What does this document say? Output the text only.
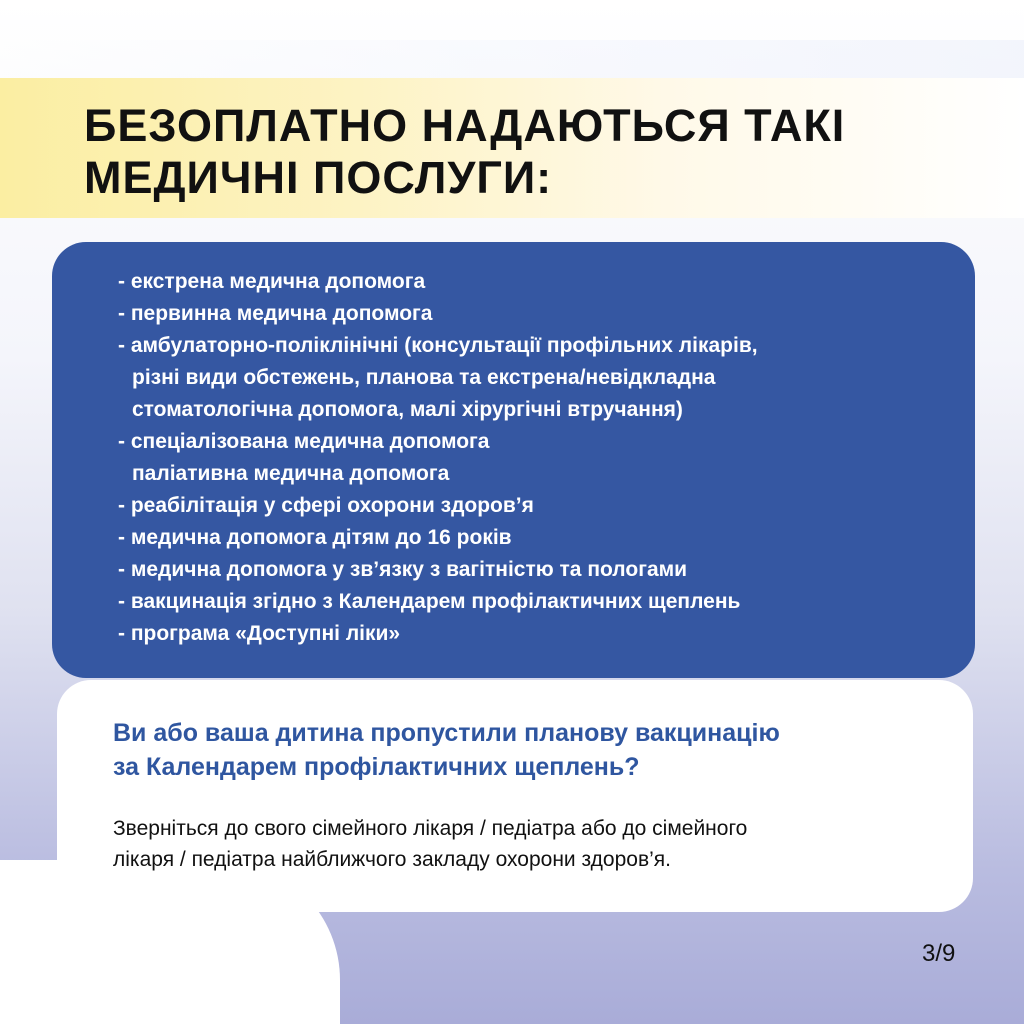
БЕЗОПЛАТНО НАДАЮТЬСЯ ТАКІ
МЕДИЧНІ ПОСЛУГИ:
- екстрена медична допомога
- первинна медична допомога
- амбулаторно-поліклінічні (консультації профільних лікарів,
різні види обстежень, планова та екстрена/невідкладна
стоматологічна допомога, малі хірургічні втручання)
- спеціалізована медична допомога
паліативна медична допомога
- реабілітація у сфері охорони здоров’я
- медична допомога дітям до 16 років
- медична допомога у зв’язку з вагітністю та пологами
- вакцинація згідно з Календарем профілактичних щеплень
- програма «Доступні ліки»
Ви або ваша дитина пропустили планову вакцинацію
за Календарем профілактичних щеплень?
Зверніться до свого сімейного лікаря / педіатра або до сімейного
лікаря / педіатра найближчого закладу охорони здоров’я.
3/9
